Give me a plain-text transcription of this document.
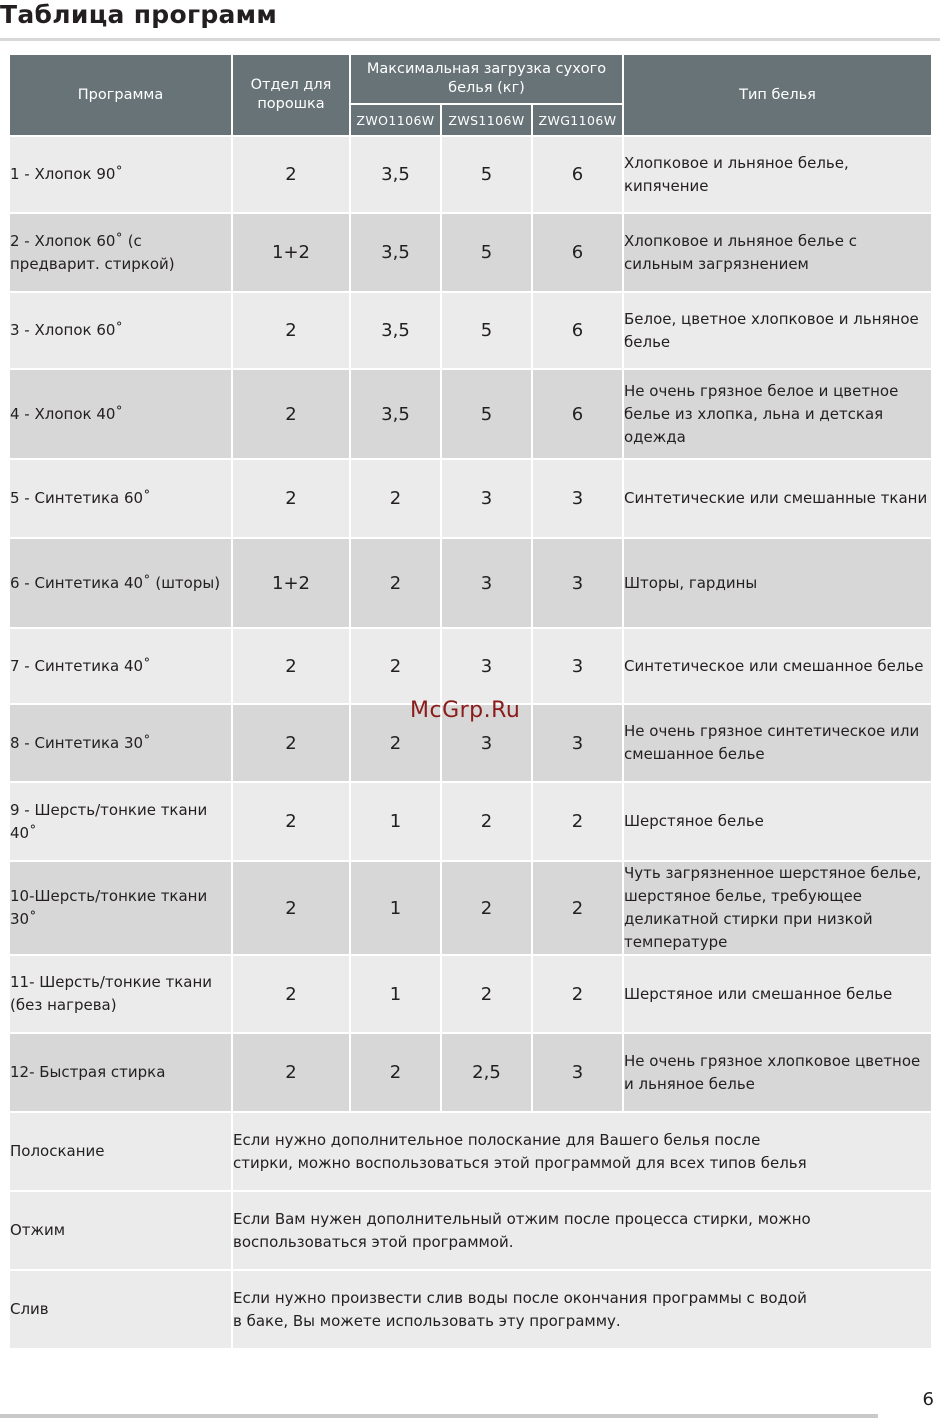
Таблица программ
Программа	Отдел для порошка	Максимальная загрузка сухого белья (кг)			Тип белья
		ZWO1106W	ZWS1106W	ZWG1106W	
1 - Хлопок 90˚	2	3,5	5	6	Хлопковое и льняное белье, кипячение
2 - Хлопок 60˚ (с предварит. стиркой)	1+2	3,5	5	6	Хлопковое и льняное белье с сильным загрязнением
3 - Хлопок 60˚	2	3,5	5	6	Белое, цветное хлопковое и льняное белье
4 - Хлопок 40˚	2	3,5	5	6	Не очень грязное белое и цветное белье из хлопка, льна и детская одежда
5 - Синтетика 60˚	2	2	3	3	Синтетические или смешанные ткани
6 - Синтетика 40˚ (шторы)	1+2	2	3	3	Шторы, гардины
7 - Синтетика 40˚	2	2	3	3	Синтетическое или смешанное белье
8 - Синтетика 30˚	2	2	3	3	Не очень грязное синтетическое или смешанное белье
9 - Шерсть/тонкие ткани 40˚	2	1	2	2	Шерстяное белье
10-Шерсть/тонкие ткани 30˚	2	1	2	2	Чуть загрязненное шерстяное белье, шерстяное белье, требующее деликатной стирки при низкой температуре
11- Шерсть/тонкие ткани (без нагрева)	2	1	2	2	Шерстяное или смешанное белье
12- Быстрая стирка	2	2	2,5	3	Не очень грязное хлопковое цветное и льняное белье
Полоскание	Если нужно дополнительное полоскание для Вашего белья после стирки, можно воспользоваться этой программой для всех типов белья				
Отжим	Если Вам нужен дополнительный отжим после процесса стирки, можно воспользоваться этой программой.				
Слив	Если нужно произвести слив воды после окончания программы с водой в баке, Вы можете использовать эту программу.				
McGrp.Ru
6
